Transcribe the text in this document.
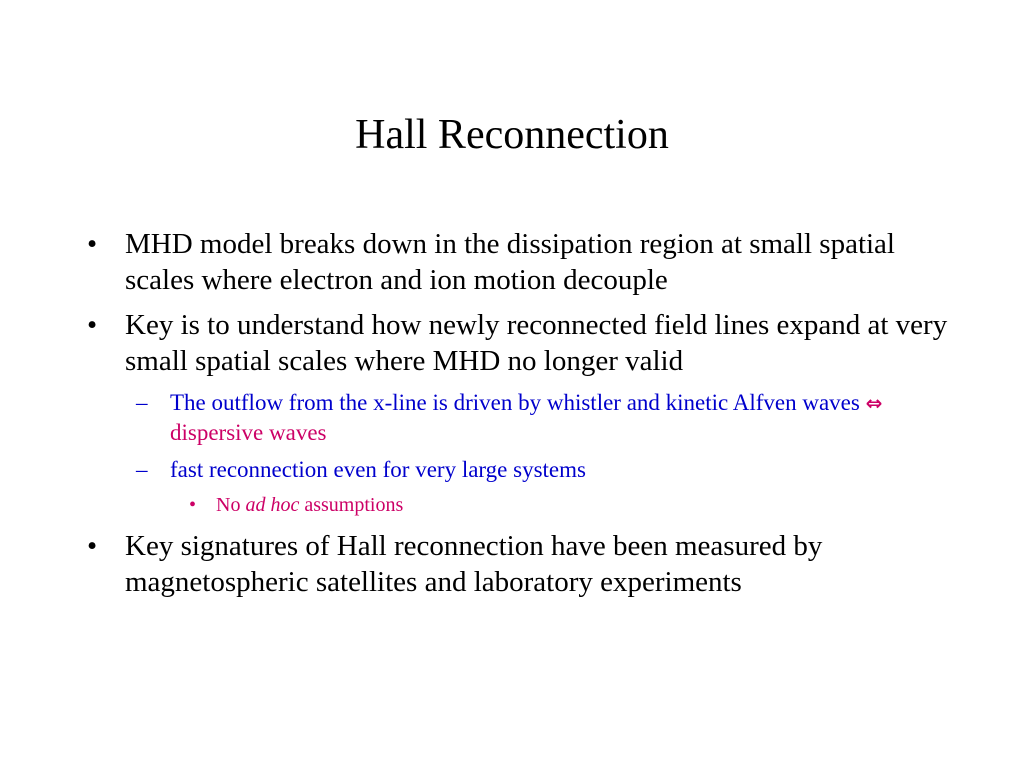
Hall Reconnection
• MHD model breaks down in the dissipation region at small spatial scales where electron and ion motion decouple
• Key is to understand how newly reconnected field lines expand at very small spatial scales where MHD no longer valid
– The outflow from the x-line is driven by whistler and kinetic Alfven waves ⇔ dispersive waves
– fast reconnection even for very large systems
• No ad hoc assumptions
• Key signatures of Hall reconnection have been measured by magnetospheric satellites and laboratory experiments
